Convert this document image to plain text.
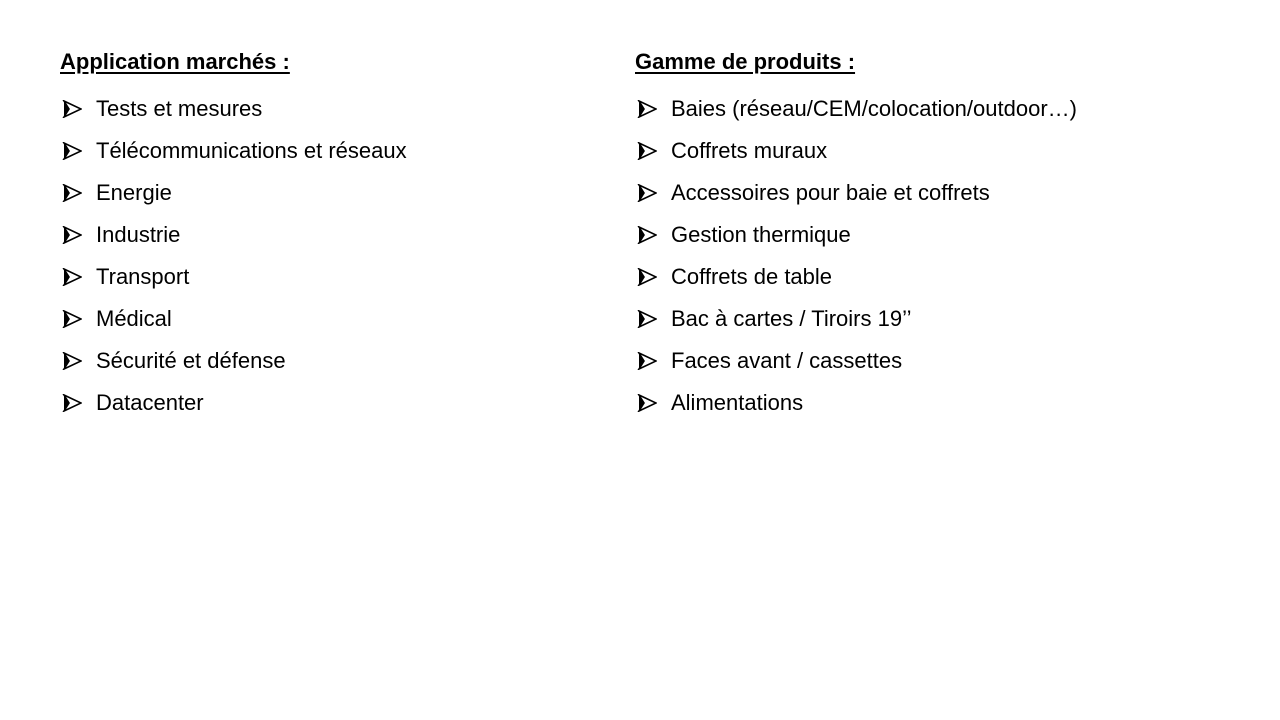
Application marchés :
Tests et mesures
Télécommunications et réseaux
Energie
Industrie
Transport
Médical
Sécurité et défense
Datacenter
Gamme de produits :
Baies (réseau/CEM/colocation/outdoor…)
Coffrets muraux
Accessoires pour baie et coffrets
Gestion thermique
Coffrets de table
Bac à cartes / Tiroirs 19’’
Faces avant / cassettes
Alimentations
